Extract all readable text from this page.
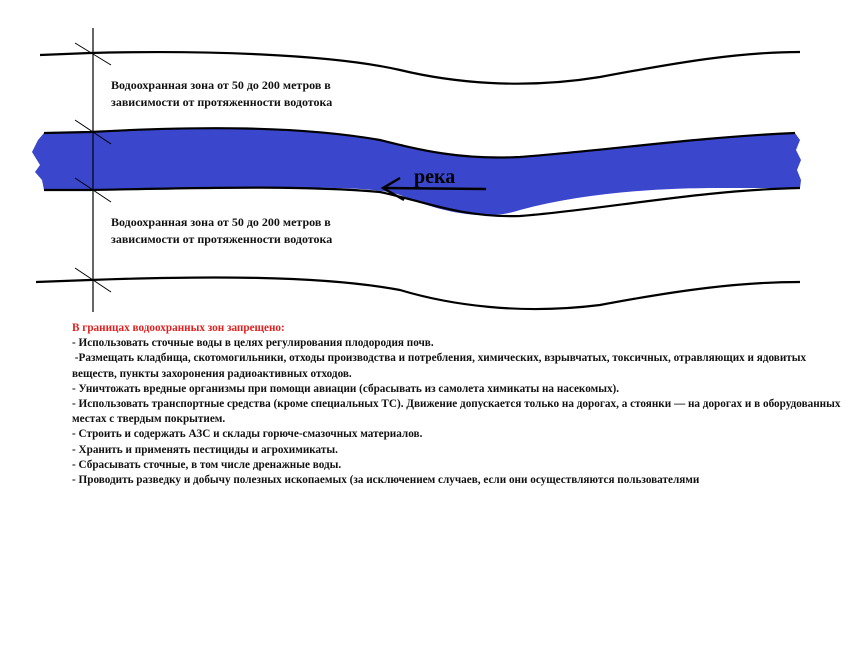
Водоохранная зона от 50 до 200 метров в зависимости от протяженности водотока
Водоохранная зона от 50 до 200 метров в зависимости от протяженности водотока
река
В границах водоохранных зон запрещено:
- Использовать сточные воды в целях регулирования плодородия почв.
-Размещать кладбища, скотомогильники, отходы производства и потребления, химических, взрывчатых, токсичных, отравляющих и ядовитых веществ, пункты захоронения радиоактивных отходов.
- Уничтожать вредные организмы при помощи авиации (сбрасывать из самолета химикаты на насекомых).
- Использовать транспортные средства (кроме специальных ТС). Движение допускается только на дорогах, а стоянки — на дорогах и в оборудованных местах с твердым покрытием.
- Строить и содержать АЗС и склады горюче-смазочных материалов.
- Хранить и применять пестициды и агрохимикаты.
- Сбрасывать сточные, в том числе дренажные воды.
- Проводить разведку и добычу полезных ископаемых (за исключением случаев, если они осуществляются пользователями
